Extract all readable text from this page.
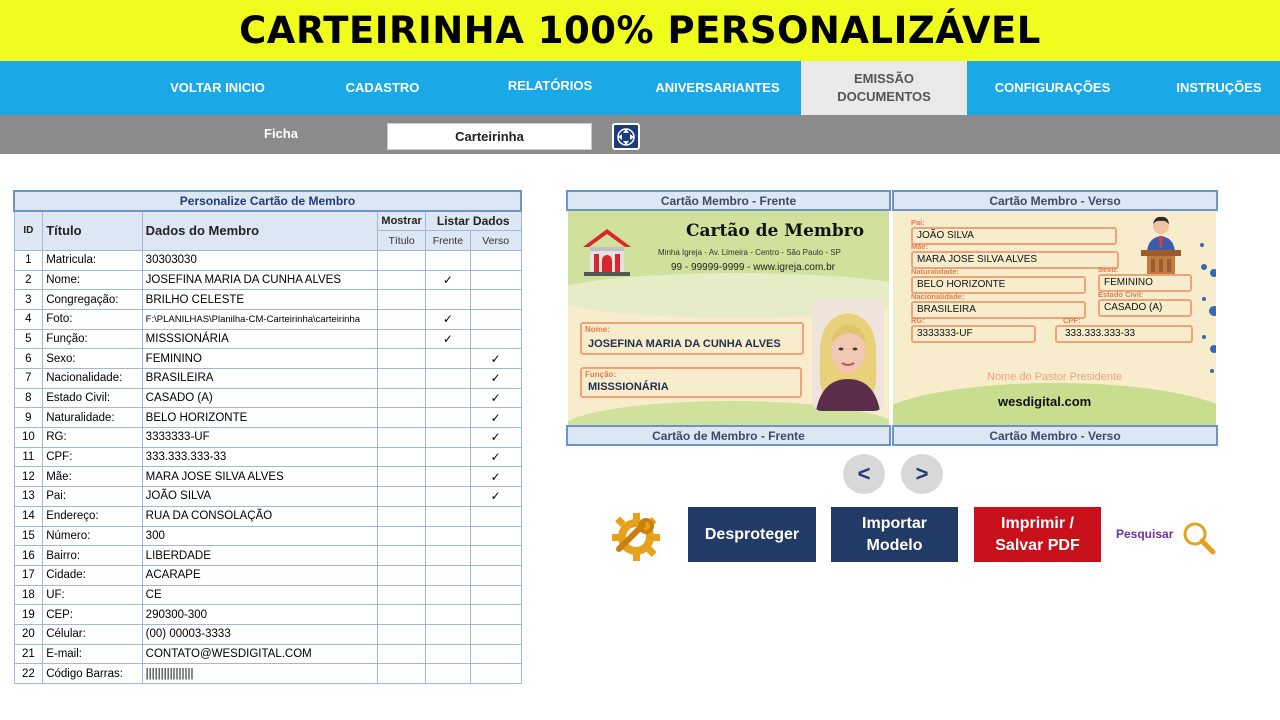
CARTEIRINHA 100% PERSONALIZÁVEL
VOLTAR INICIO	CADASTRO	RELATÓRIOS	ANIVERSARIANTES
EMISSÃO DOCUMENTOS
CONFIGURAÇÕES	INSTRUÇÕES
Ficha	Carteirinha
Personalize Cartão de Membro					
ID	Título	Dados do Membro	Mostrar	Listar Dados	
			Título	Frente	Verso
1	Matricula:	30303030			
2	Nome:	JOSEFINA MARIA DA CUNHA ALVES		✓	
3	Congregação:	BRILHO CELESTE			
4	Foto:	F:\PLANILHAS\Planilha-CM-Carteirinha\carteirinha		✓	
5	Função:	MISSSIONÁRIA		✓	
6	Sexo:	FEMININO			✓
7	Nacionalidade:	BRASILEIRA			✓
8	Estado Civil:	CASADO (A)			✓
9	Naturalidade:	BELO HORIZONTE			✓
10	RG:	3333333-UF			✓
11	CPF:	333.333.333-33			✓
12	Mãe:	MARA JOSE SILVA ALVES			✓
13	Pai:	JOÃO SILVA			✓
14	Endereço:	RUA DA CONSOLAÇÃO			
15	Número:	300			
16	Bairro:	LIBERDADE			
17	Cidade:	ACARAPE			
18	UF:	CE			
19	CEP:	290300-300			
20	Célular:	(00) 00003-3333			
21	E-mail:	CONTATO@WESDIGITAL.COM			
22	Código Barras:	||||||||||||||||			
Cartão Membro - Frente	Cartão Membro - Verso
Cartão de Membro
Minha Igreja - Av. Limeira - Centro - São Paulo - SP
99 - 99999-9999 - www.igreja.com.br
Nome:
JOSEFINA MARIA DA CUNHA ALVES
Função:
MISSSIONÁRIA
Pai:
JOÃO SILVA
Mãe:
MARA JOSE SILVA ALVES
Naturalidade:
BELO HORIZONTE
Sexo:
FEMININO
Nacionalidade:
BRASILEIRA
Estado Civil:
CASADO (A)
RG:
3333333-UF
CPF:
333.333.333-33
Nome do Pastor Presidente
wesdigital.com
Cartão de Membro - Frente	Cartão Membro - Verso
<	>
Desproteger
Importar Modelo
Imprimir / Salvar PDF
Pesquisar
